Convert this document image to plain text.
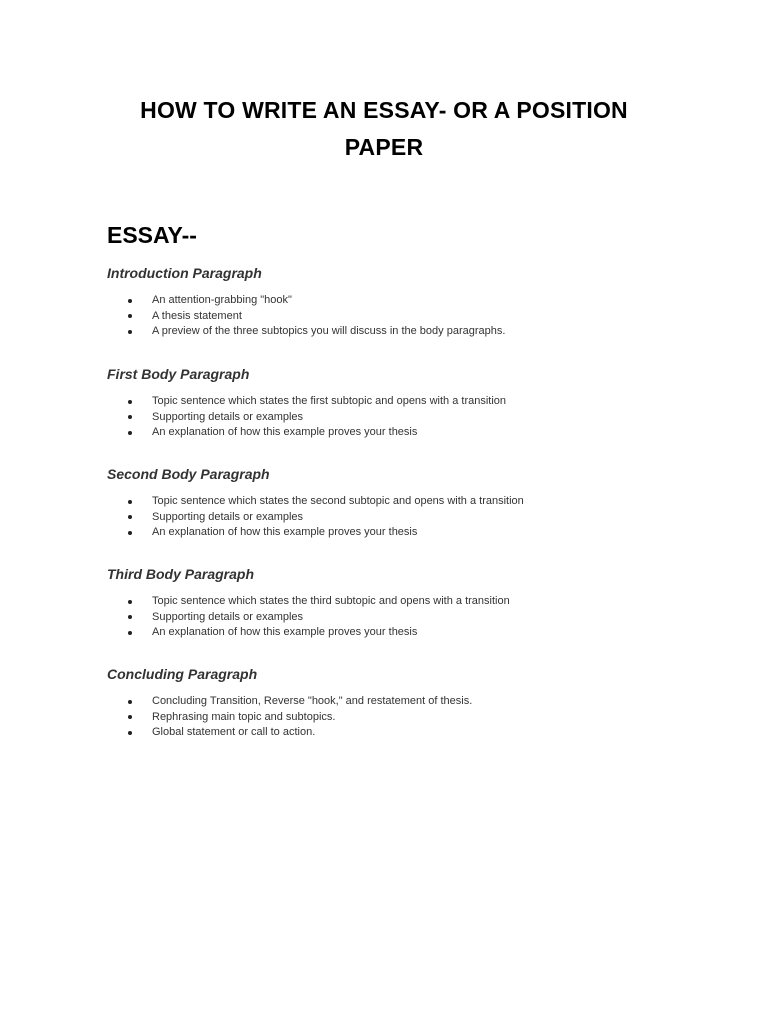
HOW TO WRITE AN ESSAY- OR A POSITION
PAPER
ESSAY--
Introduction Paragraph
An attention-grabbing "hook"
A thesis statement
A preview of the three subtopics you will discuss in the body paragraphs.
First Body Paragraph
Topic sentence which states the first subtopic and opens with a transition
Supporting details or examples
An explanation of how this example proves your thesis
Second Body Paragraph
Topic sentence which states the second subtopic and opens with a transition
Supporting details or examples
An explanation of how this example proves your thesis
Third Body Paragraph
Topic sentence which states the third subtopic and opens with a transition
Supporting details or examples
An explanation of how this example proves your thesis
Concluding Paragraph
Concluding Transition, Reverse "hook," and restatement of thesis.
Rephrasing main topic and subtopics.
Global statement or call to action.
